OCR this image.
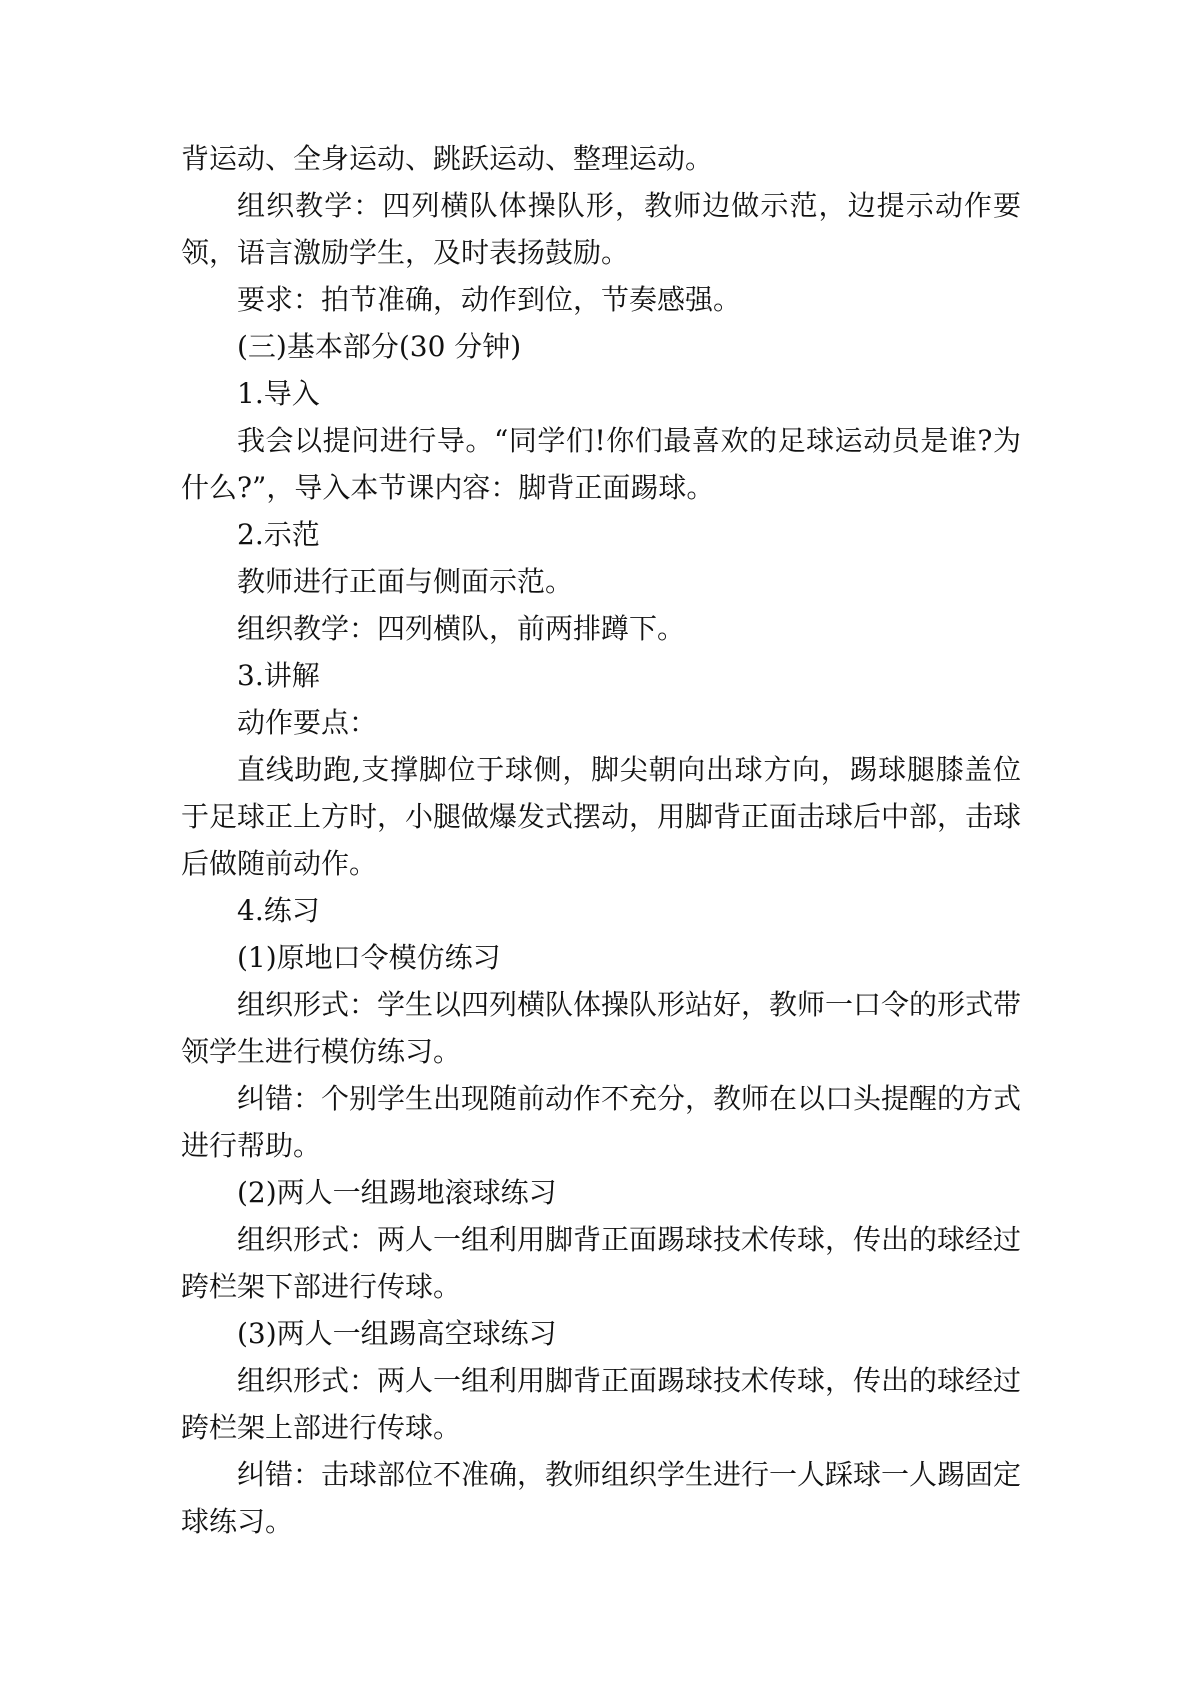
背运动、全身运动、跳跃运动、整理运动。

组织教学：四列横队体操队形，教师边做示范，边提示动作要领，语言激励学生，及时表扬鼓励。

要求：拍节准确，动作到位，节奏感强。

(三)基本部分(30 分钟)

1.导入

我会以提问进行导。“同学们!你们最喜欢的足球运动员是谁?为什么?”，导入本节课内容：脚背正面踢球。

2.示范

教师进行正面与侧面示范。

组织教学：四列横队，前两排蹲下。

3.讲解

动作要点：

直线助跑,支撑脚位于球侧，脚尖朝向出球方向，踢球腿膝盖位于足球正上方时，小腿做爆发式摆动，用脚背正面击球后中部，击球后做随前动作。

4.练习

(1)原地口令模仿练习

组织形式：学生以四列横队体操队形站好，教师一口令的形式带领学生进行模仿练习。

纠错：个别学生出现随前动作不充分，教师在以口头提醒的方式进行帮助。

(2)两人一组踢地滚球练习

组织形式：两人一组利用脚背正面踢球技术传球，传出的球经过跨栏架下部进行传球。

(3)两人一组踢高空球练习

组织形式：两人一组利用脚背正面踢球技术传球，传出的球经过跨栏架上部进行传球。

纠错：击球部位不准确，教师组织学生进行一人踩球一人踢固定球练习。
